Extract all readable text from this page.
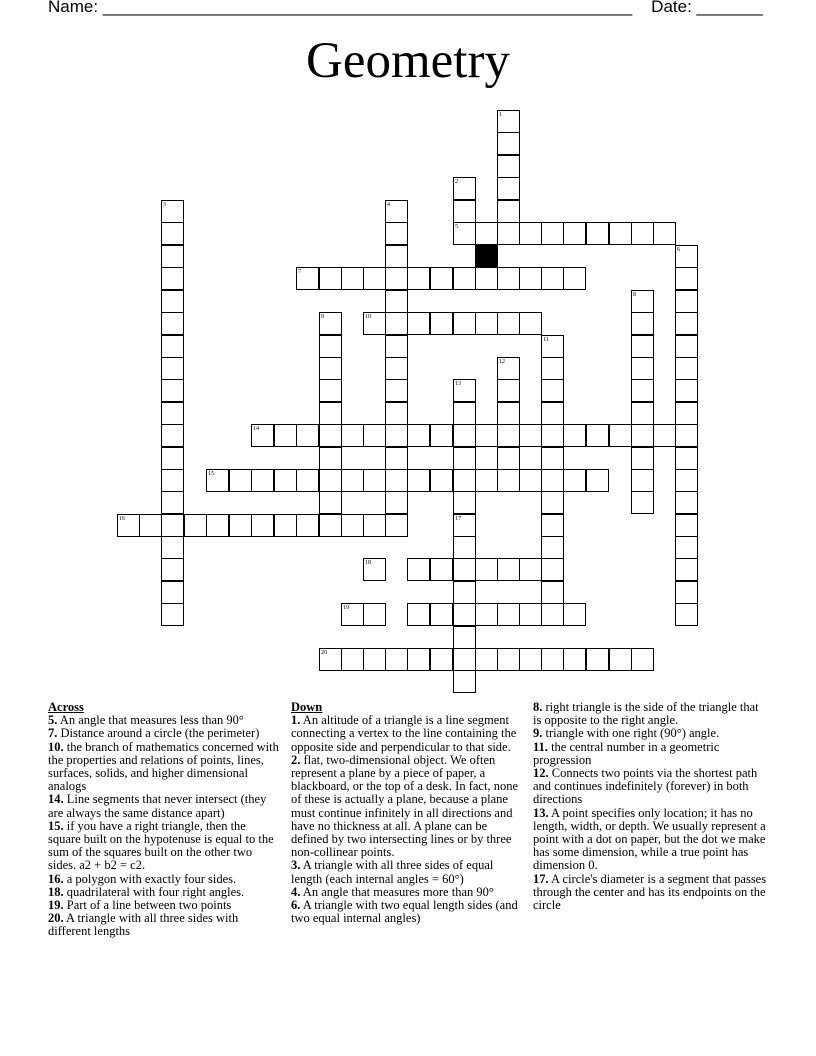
Name: ________________________________________________________ Date: _______
Geometry
1
2
3	4
5
6
7
8
9	10
11
12
13
14
15
16	17
18
19
20
Across
5. An angle that measures less than 90°
7. Distance around a circle (the perimeter)
10. the branch of mathematics concerned with the properties and relations of points, lines, surfaces, solids, and higher dimensional analogs
14. Line segments that never intersect (they are always the same distance apart)
15. if you have a right triangle, then the square built on the hypotenuse is equal to the sum of the squares built on the other two sides. a2 + b2 = c2.
16. a polygon with exactly four sides.
18. quadrilateral with four right angles.
19. Part of a line between two points
20. A triangle with all three sides with different lengths
Down
1. An altitude of a triangle is a line segment connecting a vertex to the line containing the opposite side and perpendicular to that side.
2. flat, two-dimensional object. We often represent a plane by a piece of paper, a blackboard, or the top of a desk. In fact, none of these is actually a plane, because a plane must continue infinitely in all directions and have no thickness at all. A plane can be defined by two intersecting lines or by three non-collinear points.
3. A triangle with all three sides of equal length (each internal angles = 60°)
4. An angle that measures more than 90°
6. A triangle with two equal length sides (and two equal internal angles)
8. right triangle is the side of the triangle that is opposite to the right angle.
9. triangle with one right (90°) angle.
11. the central number in a geometric progression
12. Connects two points via the shortest path and continues indefinitely (forever) in both directions
13. A point specifies only location; it has no length, width, or depth. We usually represent a point with a dot on paper, but the dot we make has some dimension, while a true point has dimension 0.
17. A circle's diameter is a segment that passes through the center and has its endpoints on the circle
